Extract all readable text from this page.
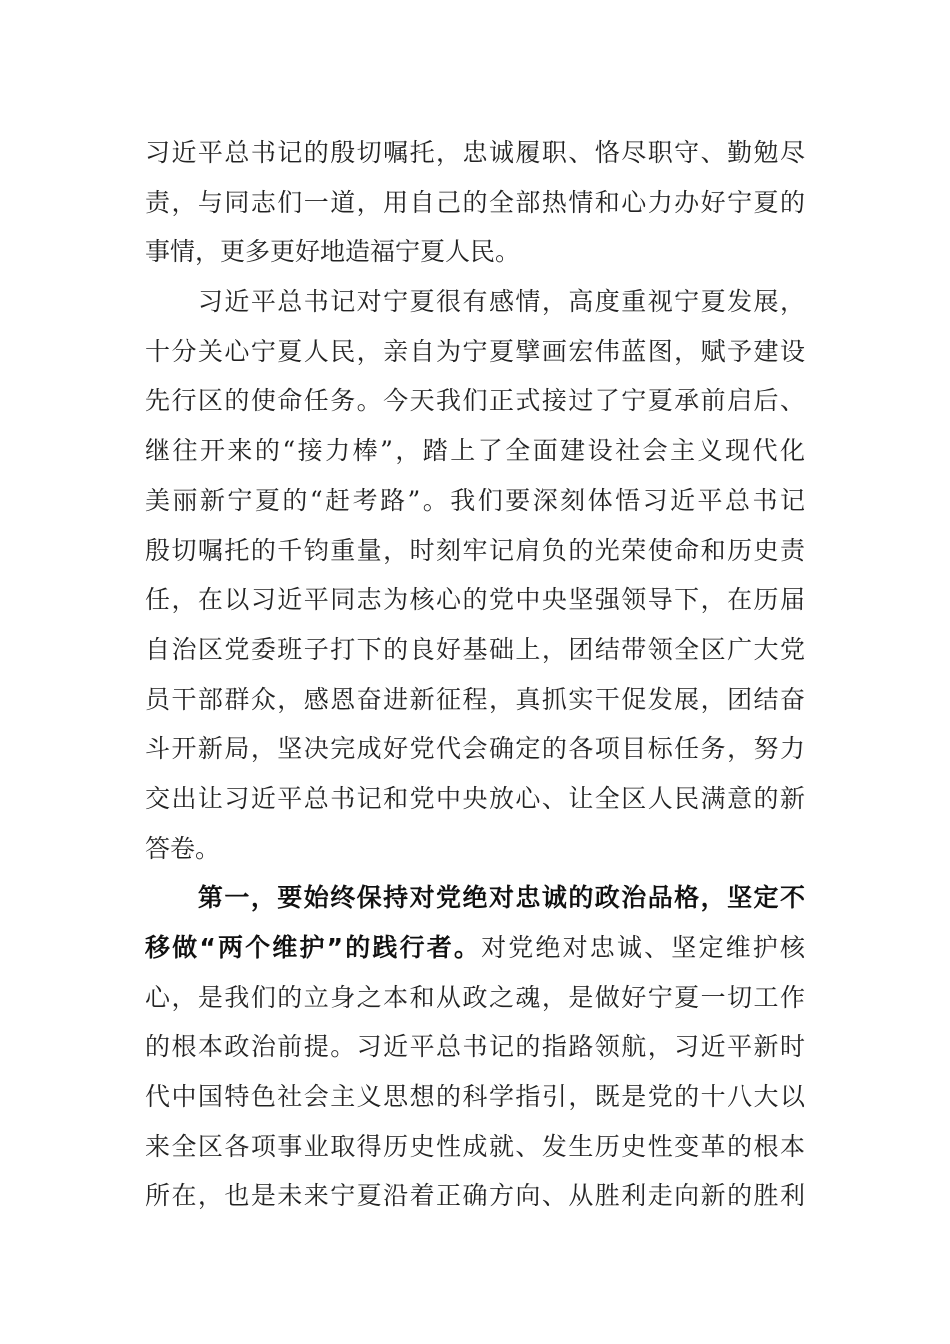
习近平总书记的殷切嘱托，忠诚履职、恪尽职守、勤勉尽
责，与同志们一道，用自己的全部热情和心力办好宁夏的
事情，更多更好地造福宁夏人民。
　　习近平总书记对宁夏很有感情，高度重视宁夏发展，
十分关心宁夏人民，亲自为宁夏擘画宏伟蓝图，赋予建设
先行区的使命任务。今天我们正式接过了宁夏承前启后、
继往开来的“接力棒”，踏上了全面建设社会主义现代化
美丽新宁夏的“赶考路”。我们要深刻体悟习近平总书记
殷切嘱托的千钧重量，时刻牢记肩负的光荣使命和历史责
任，在以习近平同志为核心的党中央坚强领导下，在历届
自治区党委班子打下的良好基础上，团结带领全区广大党
员干部群众，感恩奋进新征程，真抓实干促发展，团结奋
斗开新局，坚决完成好党代会确定的各项目标任务，努力
交出让习近平总书记和党中央放心、让全区人民满意的新
答卷。
　　第一，要始终保持对党绝对忠诚的政治品格，坚定不
移做“两个维护”的践行者。对党绝对忠诚、坚定维护核
心，是我们的立身之本和从政之魂，是做好宁夏一切工作
的根本政治前提。习近平总书记的指路领航，习近平新时
代中国特色社会主义思想的科学指引，既是党的十八大以
来全区各项事业取得历史性成就、发生历史性变革的根本
所在，也是未来宁夏沿着正确方向、从胜利走向新的胜利
